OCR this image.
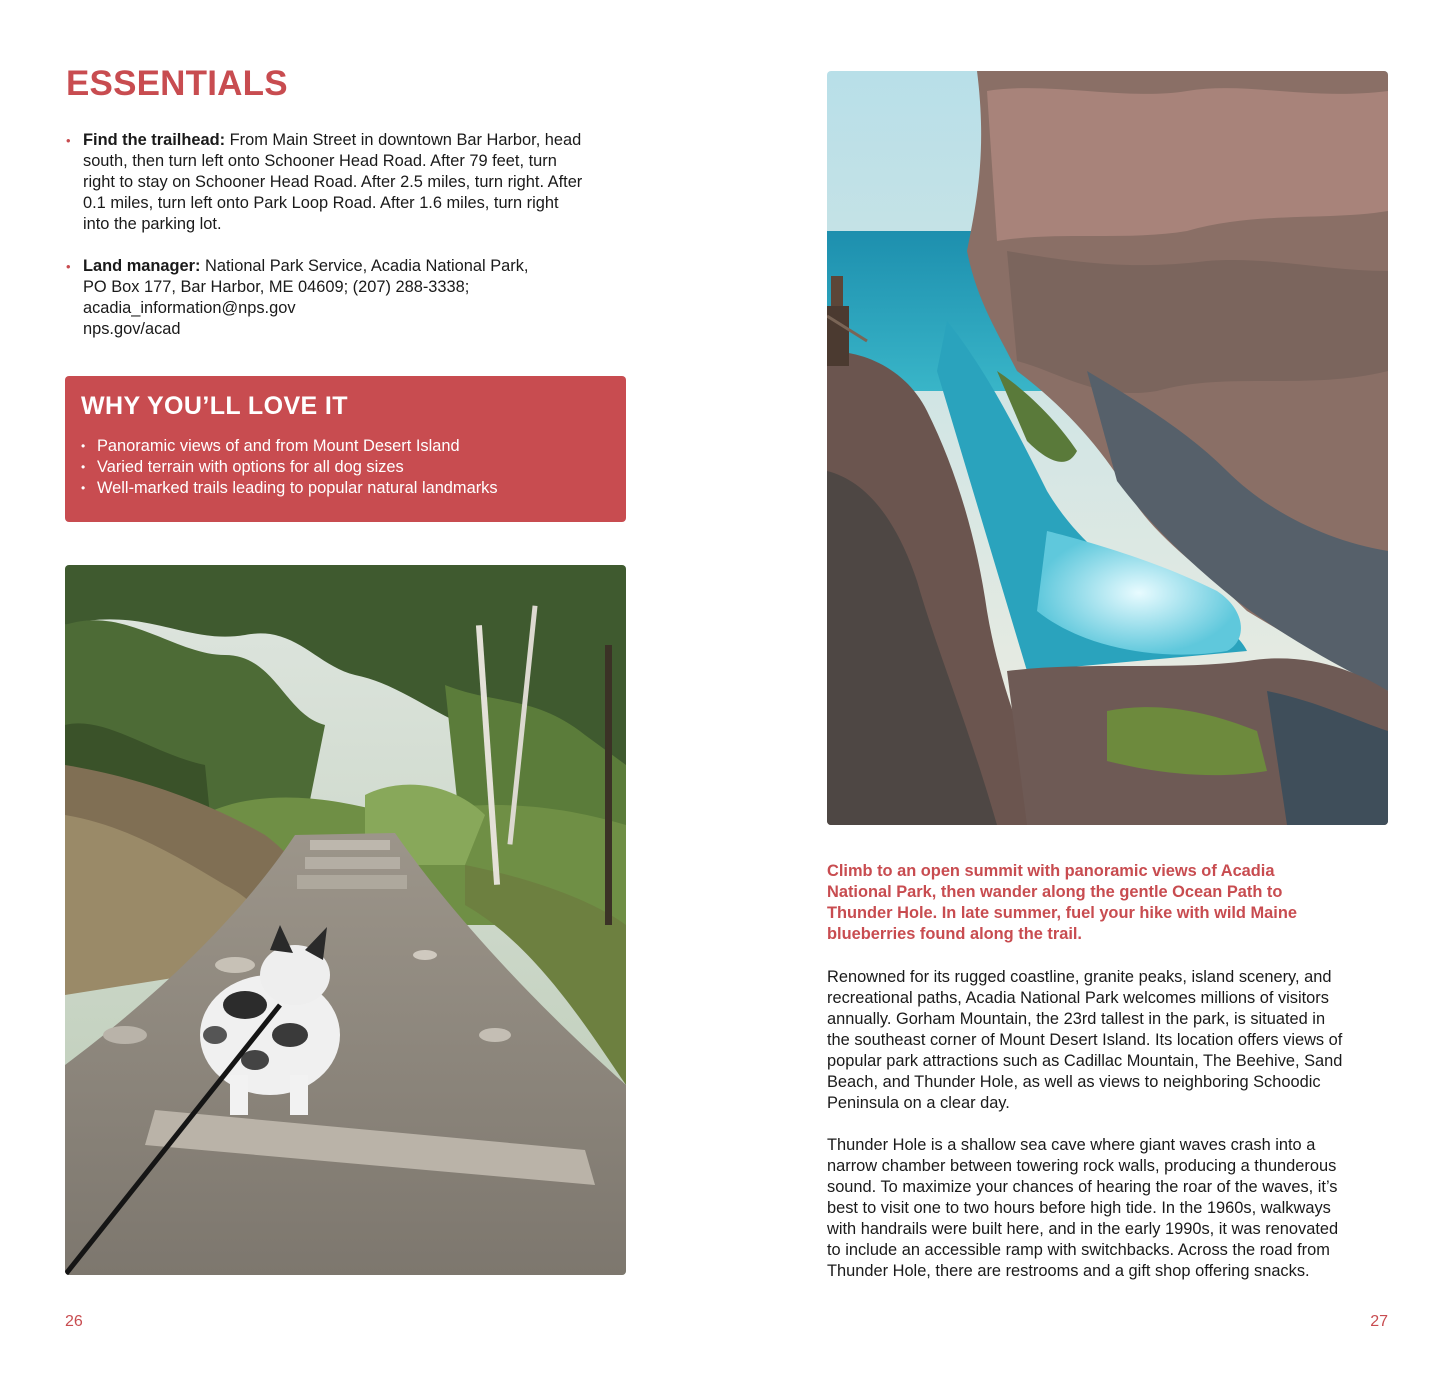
ESSENTIALS
• Find the trailhead: From Main Street in downtown Bar Harbor, head
south, then turn left onto Schooner Head Road. After 79 feet, turn
right to stay on Schooner Head Road. After 2.5 miles, turn right. After
0.1 miles, turn left onto Park Loop Road. After 1.6 miles, turn right
into the parking lot.
• Land manager: National Park Service, Acadia National Park,
PO Box 177, Bar Harbor, ME 04609; (207) 288-3338;
acadia_information@nps.gov
nps.gov/acad
WHY YOU’LL LOVE IT
• Panoramic views of and from Mount Desert Island
• Varied terrain with options for all dog sizes
• Well-marked trails leading to popular natural landmarks
26

Climb to an open summit with panoramic views of Acadia
National Park, then wander along the gentle Ocean Path to
Thunder Hole. In late summer, fuel your hike with wild Maine
blueberries found along the trail.

Renowned for its rugged coastline, granite peaks, island scenery, and
recreational paths, Acadia National Park welcomes millions of visitors
annually. Gorham Mountain, the 23rd tallest in the park, is situated in
the southeast corner of Mount Desert Island. Its location offers views of
popular park attractions such as Cadillac Mountain, The Beehive, Sand
Beach, and Thunder Hole, as well as views to neighboring Schoodic
Peninsula on a clear day.

Thunder Hole is a shallow sea cave where giant waves crash into a
narrow chamber between towering rock walls, producing a thunderous
sound. To maximize your chances of hearing the roar of the waves, it’s
best to visit one to two hours before high tide. In the 1960s, walkways
with handrails were built here, and in the early 1990s, it was renovated
to include an accessible ramp with switchbacks. Across the road from
Thunder Hole, there are restrooms and a gift shop offering snacks.

27
